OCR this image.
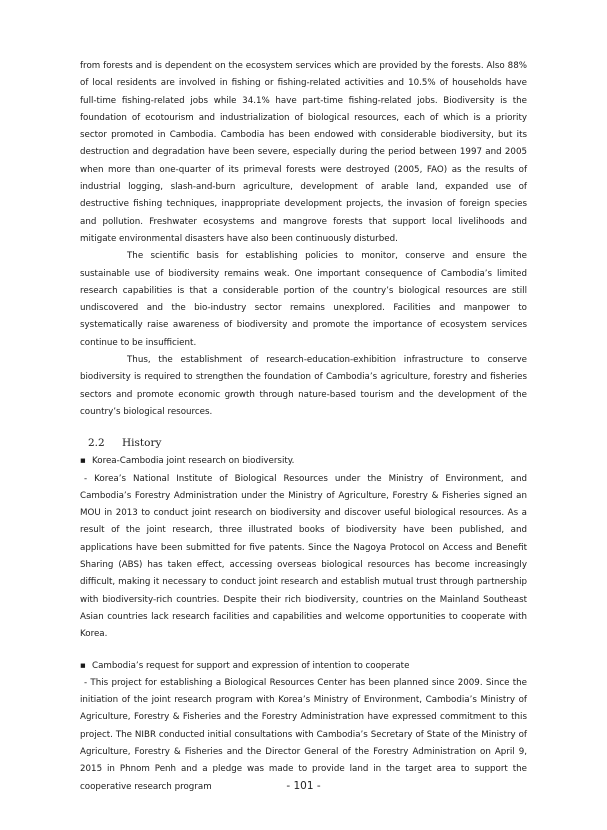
from forests and is dependent on the ecosystem services which are provided by the forests. Also 88% of local residents are involved in fishing or fishing-related activities and 10.5% of households have full-time fishing-related jobs while 34.1% have part-time fishing-related jobs. Biodiversity is the foundation of ecotourism and industrialization of biological resources, each of which is a priority sector promoted in Cambodia. Cambodia has been endowed with considerable biodiversity, but its destruction and degradation have been severe, especially during the period between 1997 and 2005 when more than one-quarter of its primeval forests were destroyed (2005, FAO) as the results of industrial logging, slash-and-burn agriculture, development of arable land, expanded use of destructive fishing techniques, inappropriate development projects, the invasion of foreign species and pollution. Freshwater ecosystems and mangrove forests that support local livelihoods and mitigate environmental disasters have also been continuously disturbed.

The scientific basis for establishing policies to monitor, conserve and ensure the sustainable use of biodiversity remains weak. One important consequence of Cambodia’s limited research capabilities is that a considerable portion of the country’s biological resources are still undiscovered and the bio-industry sector remains unexplored. Facilities and manpower to systematically raise awareness of biodiversity and promote the importance of ecosystem services continue to be insufficient.

Thus, the establishment of research-education-exhibition infrastructure to conserve biodiversity is required to strengthen the foundation of Cambodia’s agriculture, forestry and fisheries sectors and promote economic growth through nature-based tourism and the development of the country’s biological resources.

2.2	History
▪ Korea-Cambodia joint research on biodiversity.

- Korea’s National Institute of Biological Resources under the Ministry of Environment, and Cambodia’s Forestry Administration under the Ministry of Agriculture, Forestry & Fisheries signed an MOU in 2013 to conduct joint research on biodiversity and discover useful biological resources. As a result of the joint research, three illustrated books of biodiversity have been published, and applications have been submitted for five patents. Since the Nagoya Protocol on Access and Benefit Sharing (ABS) has taken effect, accessing overseas biological resources has become increasingly difficult, making it necessary to conduct joint research and establish mutual trust through partnership with biodiversity-rich countries. Despite their rich biodiversity, countries on the Mainland Southeast Asian countries lack research facilities and capabilities and welcome opportunities to cooperate with Korea.

▪ Cambodia’s request for support and expression of intention to cooperate

- This project for establishing a Biological Resources Center has been planned since 2009. Since the initiation of the joint research program with Korea’s Ministry of Environment, Cambodia’s Ministry of Agriculture, Forestry & Fisheries and the Forestry Administration have expressed commitment to this project. The NIBR conducted initial consultations with Cambodia’s Secretary of State of the Ministry of Agriculture, Forestry & Fisheries and the Director General of the Forestry Administration on April 9, 2015 in Phnom Penh and a pledge was made to provide land in the target area to support the cooperative research program	- 101 -
